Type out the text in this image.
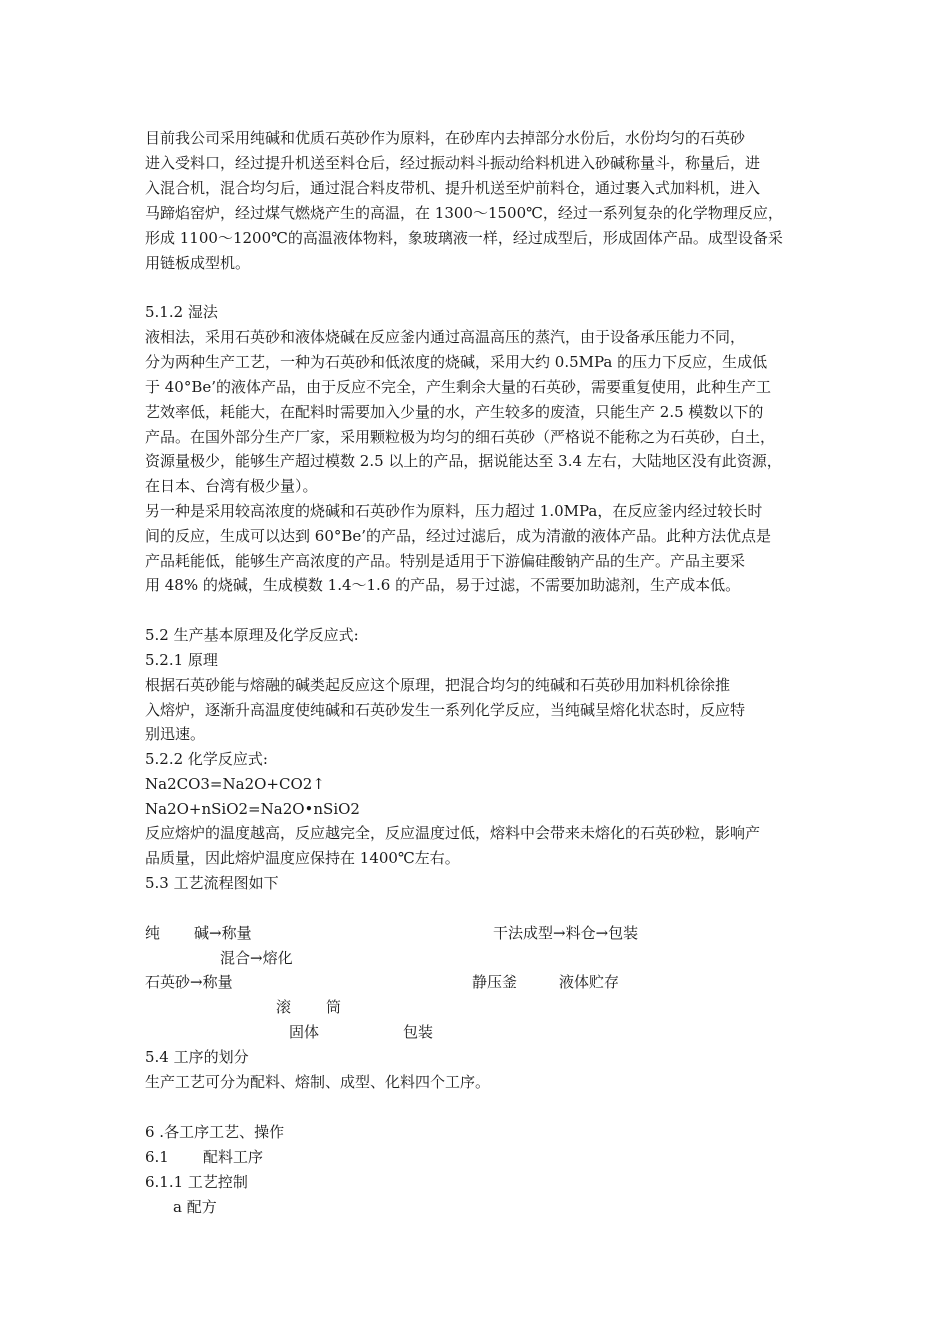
目前我公司采用纯碱和优质石英砂作为原料，在砂库内去掉部分水份后，水份均匀的石英砂
进入受料口，经过提升机送至料仓后，经过振动料斗振动给料机进入砂碱称量斗，称量后，进
入混合机，混合均匀后，通过混合料皮带机、提升机送至炉前料仓，通过裹入式加料机，进入
马蹄焰窑炉，经过煤气燃烧产生的高温，在 1300～1500℃，经过一系列复杂的化学物理反应，
形成 1100～1200℃的高温液体物料，象玻璃液一样，经过成型后，形成固体产品。成型设备采
用链板成型机。
5.1.2 湿法
液相法，采用石英砂和液体烧碱在反应釜内通过高温高压的蒸汽，由于设备承压能力不同，
分为两种生产工艺，一种为石英砂和低浓度的烧碱，采用大约 0.5MPa 的压力下反应，生成低
于 40°Be’的液体产品，由于反应不完全，产生剩余大量的石英砂，需要重复使用，此种生产工
艺效率低，耗能大，在配料时需要加入少量的水，产生较多的废渣，只能生产 2.5 模数以下的
产品。在国外部分生产厂家，采用颗粒极为均匀的细石英砂（严格说不能称之为石英砂，白土，
资源量极少，能够生产超过模数 2.5 以上的产品，据说能达至 3.4 左右，大陆地区没有此资源，
在日本、台湾有极少量）。
另一种是采用较高浓度的烧碱和石英砂作为原料，压力超过 1.0MPa，在反应釜内经过较长时
间的反应，生成可以达到 60°Be’的产品，经过过滤后，成为清澈的液体产品。此种方法优点是
产品耗能低，能够生产高浓度的产品。特别是适用于下游偏硅酸钠产品的生产。产品主要采
用 48% 的烧碱，生成模数 1.4～1.6 的产品，易于过滤，不需要加助滤剂，生产成本低。
5.2 生产基本原理及化学反应式:
5.2.1 原理
根据石英砂能与熔融的碱类起反应这个原理，把混合均匀的纯碱和石英砂用加料机徐徐推
入熔炉，逐渐升高温度使纯碱和石英砂发生一系列化学反应，当纯碱呈熔化状态时，反应特
别迅速。
5.2.2 化学反应式:
Na2CO3=Na2O+CO2↑
Na2O+nSiO2=Na2O•nSiO2
反应熔炉的温度越高，反应越完全，反应温度过低，熔料中会带来未熔化的石英砂粒，影响产
品质量，因此熔炉温度应保持在 1400℃左右。
5.3 工艺流程图如下
纯 碱→称量	干法成型→料仓→包装
混合→熔化
石英砂→称量	静压釜	液体贮存
滚 筒
固体	包装
5.4 工序的划分
生产工艺可分为配料、熔制、成型、化料四个工序。
6 .各工序工艺、操作
6.1 配料工序
6.1.1 工艺控制
a 配方
